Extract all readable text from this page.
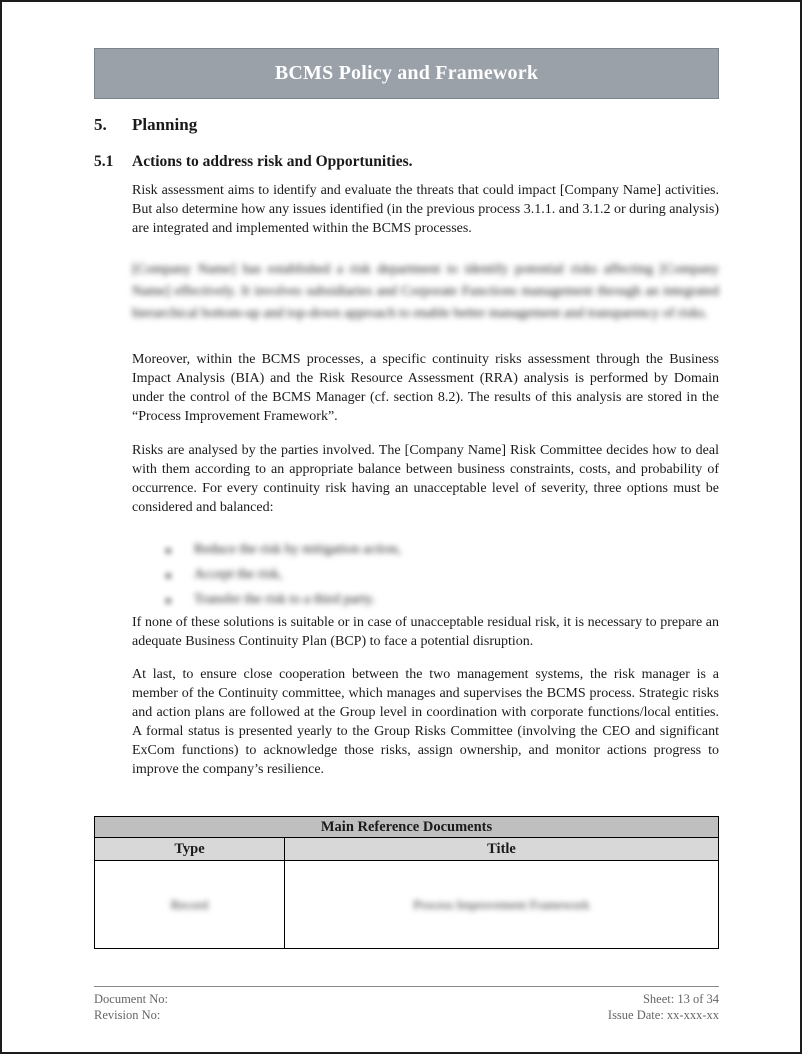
BCMS Policy and Framework
5.	Planning
5.1	Actions to address risk and Opportunities.

Risk assessment aims to identify and evaluate the threats that could impact [Company Name] activities. But also determine how any issues identified (in the previous process 3.1.1. and 3.1.2 or during analysis) are integrated and implemented within the BCMS processes.

[Company Name] has established a risk department to identify potential risks affecting [Company Name] effectively. It involves subsidiaries and Corporate Functions management through an integrated hierarchical bottom-up and top-down approach to enable better management and transparency of risks.

Moreover, within the BCMS processes, a specific continuity risks assessment through the Business Impact Analysis (BIA) and the Risk Resource Assessment (RRA) analysis is performed by Domain under the control of the BCMS Manager (cf. section 8.2). The results of this analysis are stored in the “Process Improvement Framework”.

Risks are analysed by the parties involved. The [Company Name] Risk Committee decides how to deal with them according to an appropriate balance between business constraints, costs, and probability of occurrence. For every continuity risk having an unacceptable level of severity, three options must be considered and balanced:

●	Reduce the risk by mitigation action,
●	Accept the risk,
●	Transfer the risk to a third party.

If none of these solutions is suitable or in case of unacceptable residual risk, it is necessary to prepare an adequate Business Continuity Plan (BCP) to face a potential disruption.

At last, to ensure close cooperation between the two management systems, the risk manager is a member of the Continuity committee, which manages and supervises the BCMS process. Strategic risks and action plans are followed at the Group level in coordination with corporate functions/local entities. A formal status is presented yearly to the Group Risks Committee (involving the CEO and significant ExCom functions) to acknowledge those risks, assign ownership, and monitor actions progress to improve the company’s resilience.

Main Reference Documents	
Type	Title
Record	Process Improvement Framework
Document No:
Revision No:
Sheet: 13 of 34
Issue Date: xx-xxx-xx
